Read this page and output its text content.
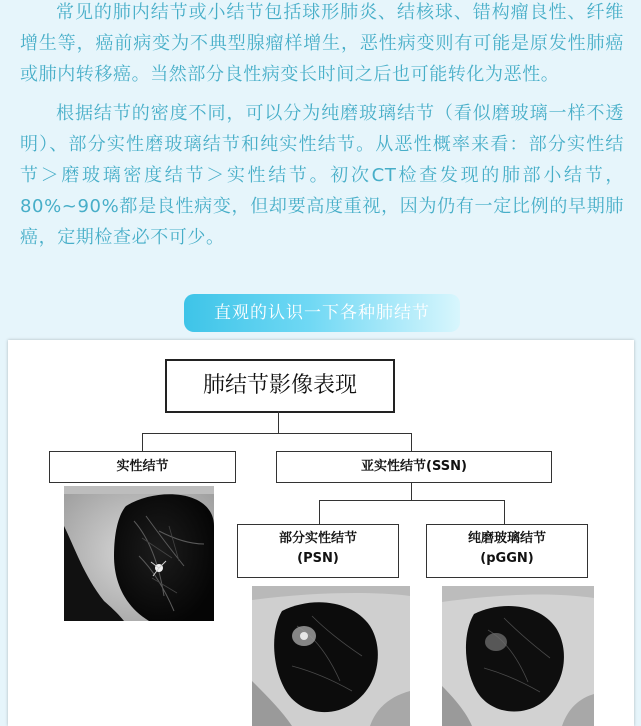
常见的肺内结节或小结节包括球形肺炎、结核球、错构瘤良性、纤维增生等，癌前病变为不典型腺瘤样增生，恶性病变则有可能是原发性肺癌或肺内转移癌。当然部分良性病变长时间之后也可能转化为恶性。

根据结节的密度不同，可以分为纯磨玻璃结节（看似磨玻璃一样不透明）、部分实性磨玻璃结节和纯实性结节。从恶性概率来看：部分实性结节＞磨玻璃密度结节＞实性结节。初次CT检查发现的肺部小结节，80%~90%都是良性病变，但却要高度重视，因为仍有一定比例的早期肺癌，定期检查必不可少。

直观的认识一下各种肺结节
肺结节影像表现
实性结节	亚实性结节(SSN)
部分实性结节
(PSN)
纯磨玻璃结节
(pGGN)
